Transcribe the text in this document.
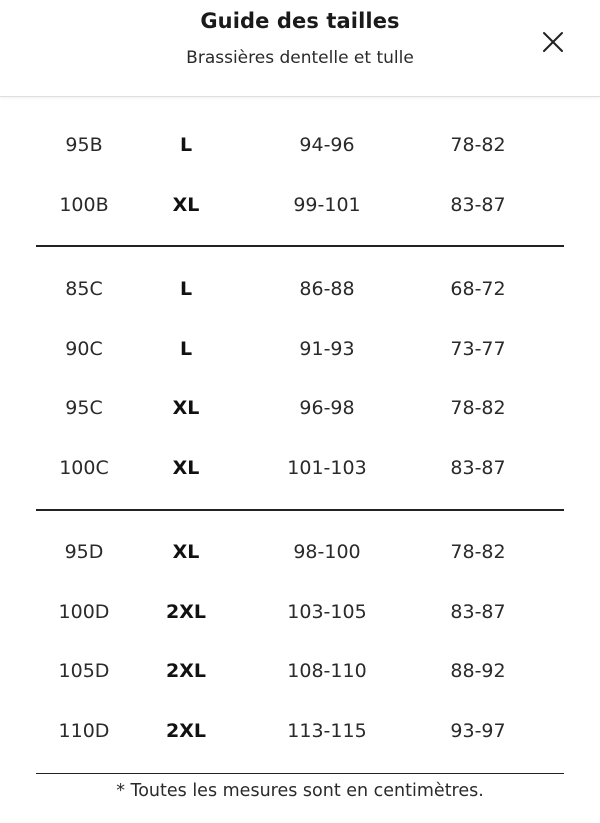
Guide des tailles
Brassières dentelle et tulle
95B	L	94-96	78-82
100B	XL	99-101	83-87
85C	L	86-88	68-72
90C	L	91-93	73-77
95C	XL	96-98	78-82
100C	XL	101-103	83-87
95D	XL	98-100	78-82
100D	2XL	103-105	83-87
105D	2XL	108-110	88-92
110D	2XL	113-115	93-97
* Toutes les mesures sont en centimètres.
